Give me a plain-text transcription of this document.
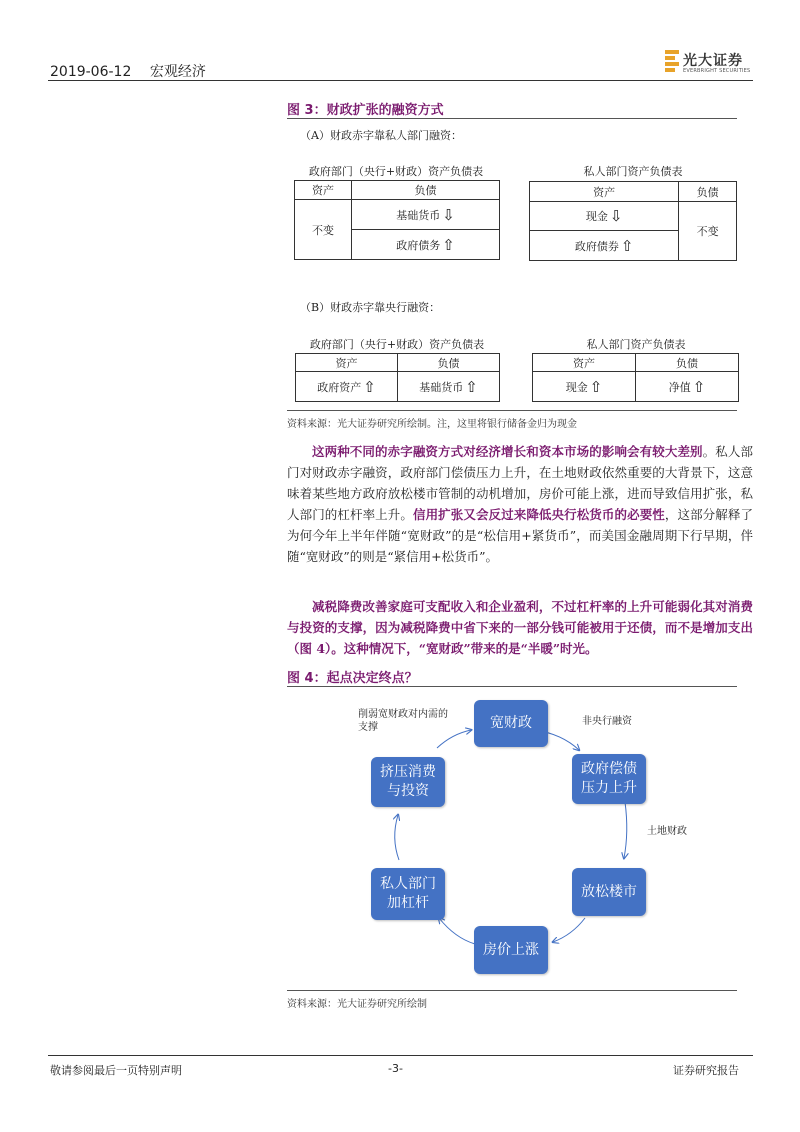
2019-06-12 宏观经济
光大证券
EVERBRIGHT SECURITIES
图 3：财政扩张的融资方式
（A）财政赤字靠私人部门融资：
政府部门（央行+财政）资产负债表
资产	负债
不变	基础货币 ⇩
	政府债务 ⇧
私人部门资产负债表
资产	负债
现金 ⇩	不变
政府债券 ⇧	
（B）财政赤字靠央行融资：
政府部门（央行+财政）资产负债表
资产	负债
政府资产 ⇧	基础货币 ⇧
私人部门资产负债表
资产	负债
现金 ⇧	净值 ⇧
资料来源：光大证券研究所绘制。注，这里将银行储备金归为现金
这两种不同的赤字融资方式对经济增长和资本市场的影响会有较大差别。私人部门对财政赤字融资，政府部门偿债压力上升，在土地财政依然重要的大背景下，这意味着某些地方政府放松楼市管制的动机增加，房价可能上涨，进而导致信用扩张，私人部门的杠杆率上升。信用扩张又会反过来降低央行松货币的必要性，这部分解释了为何今年上半年伴随“宽财政”的是“松信用+紧货币”，而美国金融周期下行早期，伴随“宽财政”的则是“紧信用+松货币”。
减税降费改善家庭可支配收入和企业盈利，不过杠杆率的上升可能弱化其对消费与投资的支撑，因为减税降费中省下来的一部分钱可能被用于还债，而不是增加支出（图 4）。这种情况下，“宽财政”带来的是“半暖”时光。
图 4：起点决定终点？
宽财政
政府偿债压力上升
放松楼市
房价上涨
私人部门加杠杆
挤压消费与投资
削弱宽财政对内需的支撑
非央行融资
土地财政
资料来源：光大证券研究所绘制
敬请参阅最后一页特别声明	-3-	证券研究报告
